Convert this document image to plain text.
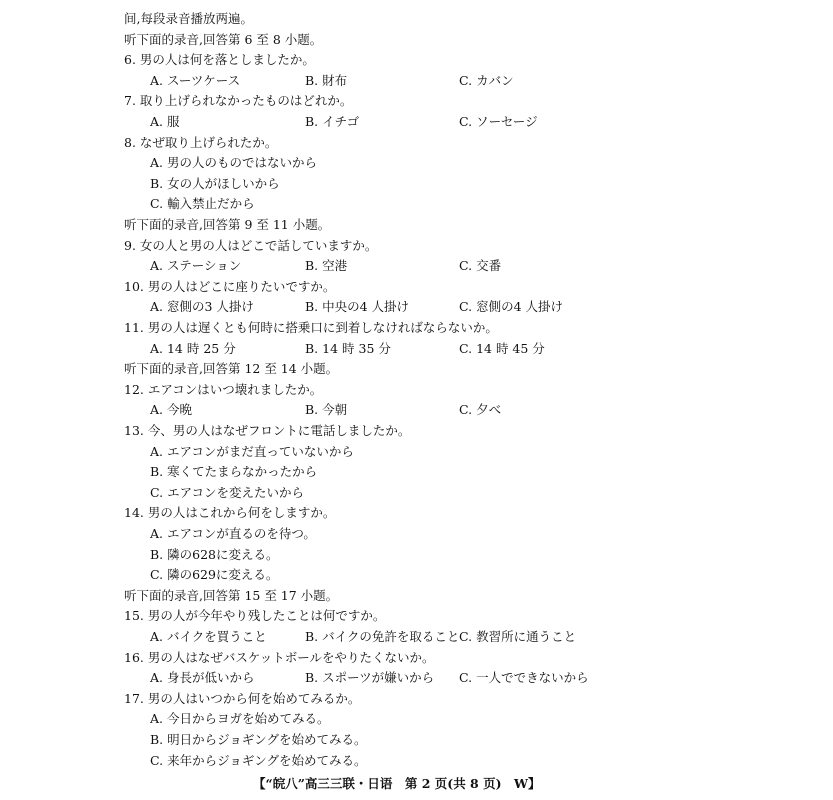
间,每段录音播放两遍。
听下面的录音,回答第 6 至 8 小题。
6. 男の人は何を落としましたか。
A. スーツケース	B. 財布	C. カバン
7. 取り上げられなかったものはどれか。
A. 服	B. イチゴ	C. ソーセージ
8. なぜ取り上げられたか。
A. 男の人のものではないから
B. 女の人がほしいから
C. 輸入禁止だから
听下面的录音,回答第 9 至 11 小题。
9. 女の人と男の人はどこで話していますか。
A. ステーション	B. 空港	C. 交番
10. 男の人はどこに座りたいですか。
A. 窓側の3 人掛け	B. 中央の4 人掛け	C. 窓側の4 人掛け
11. 男の人は遅くとも何時に搭乗口に到着しなければならないか。
A. 14 時 25 分	B. 14 時 35 分	C. 14 時 45 分
听下面的录音,回答第 12 至 14 小题。
12. エアコンはいつ壊れましたか。
A. 今晩	B. 今朝	C. 夕べ
13. 今、男の人はなぜフロントに電話しましたか。
A. エアコンがまだ直っていないから
B. 寒くてたまらなかったから
C. エアコンを変えたいから
14. 男の人はこれから何をしますか。
A. エアコンが直るのを待つ。
B. 隣の628に変える。
C. 隣の629に変える。
听下面的录音,回答第 15 至 17 小题。
15. 男の人が今年やり残したことは何ですか。
A. バイクを買うこと	B. バイクの免許を取ること C. 教習所に通うこと
16. 男の人はなぜバスケットボールをやりたくないか。
A. 身長が低いから	B. スポーツが嫌いから C. 一人でできないから
17. 男の人はいつから何を始めてみるか。
A. 今日からヨガを始めてみる。
B. 明日からジョギングを始めてみる。
C. 来年からジョギングを始めてみる。
【“皖八”高三三联・日语　第 2 页(共 8 页)　W】
